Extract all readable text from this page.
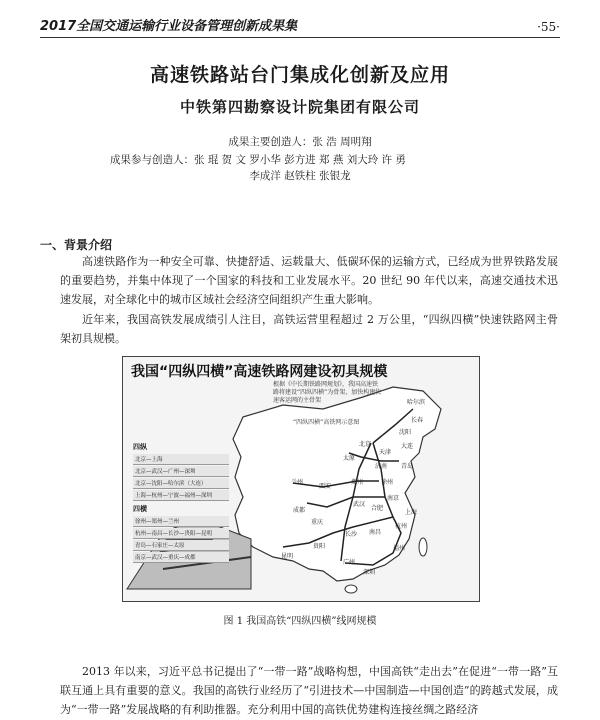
2017全国交通运输行业设备管理创新成果集	·55·
高速铁路站台门集成化创新及应用
中铁第四勘察设计院集团有限公司
成果主要创造人：张 浩 周明翔
成果参与创造人：张 琨 贺 文 罗小华 彭方进 郑 燕 刘大玲 许 勇
李成洋 赵铁柱 张银龙
一、背景介绍
高速铁路作为一种安全可靠、快捷舒适、运载量大、低碳环保的运输方式，已经成为世界铁路发展的重要趋势，并集中体现了一个国家的科技和工业发展水平。20 世纪 90 年代以来，高速交通技术迅速发展，对全球化中的城市区域社会经济空间组织产生重大影响。
近年来，我国高铁发展成绩引人注目，高铁运营里程超过 2 万公里，“四纵四横”快速铁路网主骨架初具规模。
我国“四纵四横”高速铁路网建设初具规模
根据《中长期铁路网规划》，我国高速铁路将建设“四纵四横”为骨架，加快构建快速客运网的主骨架
“四纵四横”高铁网示意图
四纵
北京—上海
北京—武汉—广州—深圳
北京—沈阳—哈尔滨（大连）
上海—杭州—宁波—福州—深圳
四横
徐州—郑州—兰州
杭州—南昌—长沙—贵阳—昆明
青岛—石家庄—太原
南京—武汉—重庆—成都
哈尔滨
长春
沈阳
北京
天津
大连
太原
济南 青岛
郑州	徐州
南京
上海
西安
武汉
杭州
合肥
成都
重庆
长沙 南昌
贵阳	福州
昆明
广州
深圳
兰州
图 1 我国高铁“四纵四横”线网规模
2013 年以来，习近平总书记提出了“一带一路”战略构想，中国高铁“走出去”在促进“一带一路”互联互通上具有重要的意义。我国的高铁行业经历了“引进技术—中国制造—中国创造”的跨越式发展，成为“一带一路”发展战略的有利助推器。充分利用中国的高铁优势建构连接丝绸之路经济
